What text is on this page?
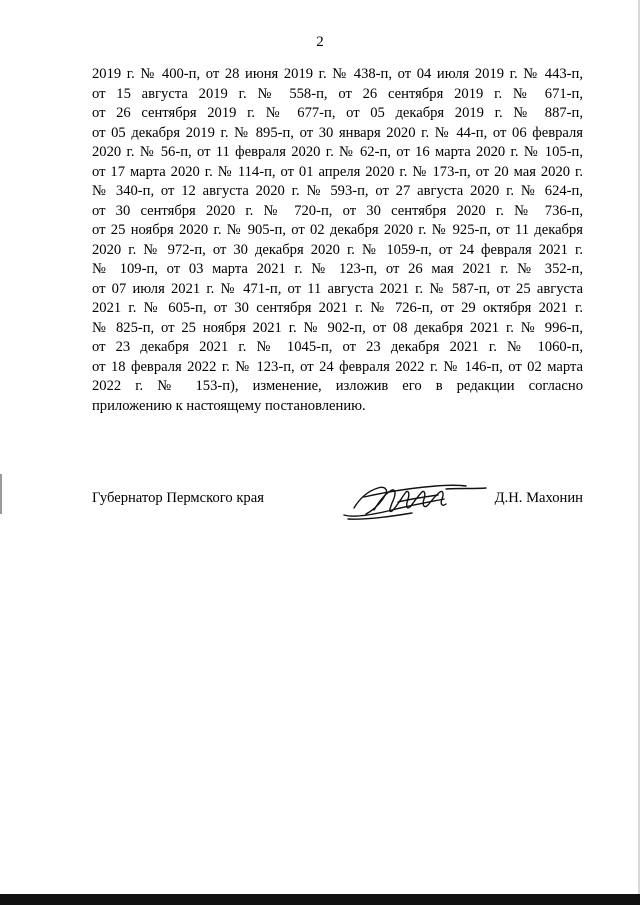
2
2019 г. № 400-п, от 28 июня 2019 г. № 438-п, от 04 июля 2019 г. № 443-п,
от 15 августа 2019 г. № 558-п, от 26 сентября 2019 г. № 671-п,
от 26 сентября 2019 г. № 677-п, от 05 декабря 2019 г. № 887-п,
от 05 декабря 2019 г. № 895-п, от 30 января 2020 г. № 44-п, от 06 февраля
2020 г. № 56-п, от 11 февраля 2020 г. № 62-п, от 16 марта 2020 г. № 105-п,
от 17 марта 2020 г. № 114-п, от 01 апреля 2020 г. № 173-п, от 20 мая 2020 г.
№ 340-п, от 12 августа 2020 г. № 593-п, от 27 августа 2020 г. № 624-п,
от 30 сентября 2020 г. № 720-п, от 30 сентября 2020 г. № 736-п,
от 25 ноября 2020 г. № 905-п, от 02 декабря 2020 г. № 925-п, от 11 декабря
2020 г. № 972-п, от 30 декабря 2020 г. № 1059-п, от 24 февраля 2021 г.
№ 109-п, от 03 марта 2021 г. № 123-п, от 26 мая 2021 г. № 352-п,
от 07 июля 2021 г. № 471-п, от 11 августа 2021 г. № 587-п, от 25 августа
2021 г. № 605-п, от 30 сентября 2021 г. № 726-п, от 29 октября 2021 г.
№ 825-п, от 25 ноября 2021 г. № 902-п, от 08 декабря 2021 г. № 996-п,
от 23 декабря 2021 г. № 1045-п, от 23 декабря 2021 г. № 1060-п,
от 18 февраля 2022 г. № 123-п, от 24 февраля 2022 г. № 146-п, от 02 марта
2022 г. № 153-п), изменение, изложив его в редакции согласно
приложению к настоящему постановлению.
Губернатор Пермского края	Д.Н. Махонин
